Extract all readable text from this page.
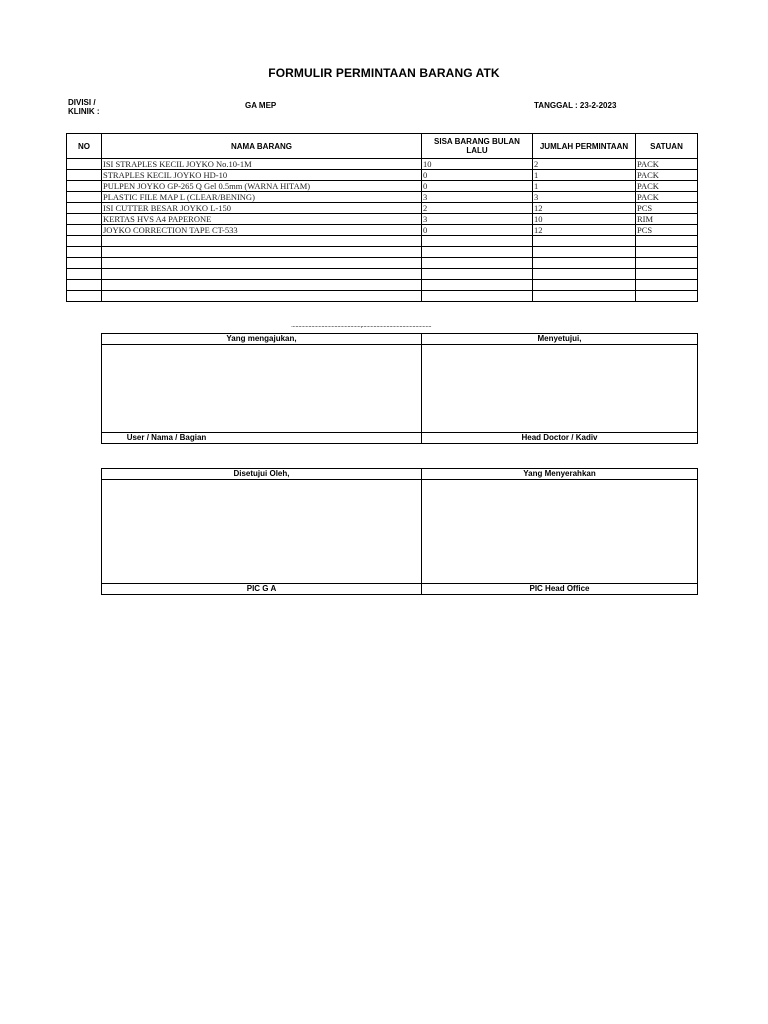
FORMULIR PERMINTAAN BARANG ATK
DIVISI / KLINIK :
GA MEP	TANGGAL : 23-2-2023
NO	NAMA BARANG	SISA BARANG BULAN LALU	JUMLAH PERMINTAAN	SATUAN
	ISI STRAPLES KECIL JOYKO No.10-1M	10	2	PACK
	STRAPLES KECIL JOYKO HD-10	0	1	PACK
	PULPEN JOYKO GP-265 Q Gel 0.5mm (WARNA HITAM)	0	1	PACK
	PLASTIC FILE MAP L (CLEAR/BENING)	3	3	PACK
	ISI CUTTER BESAR JOYKO L-150	2	12	PCS
	KERTAS HVS A4 PAPERONE	3	10	RIM
	JOYKO CORRECTION TAPE CT-533	0	12	PCS

................................................,................................................
Yang mengajukan,	Menyetujui,

User / Nama / Bagian	Head Doctor / Kadiv
Disetujui Oleh,	Yang Menyerahkan

PIC G A	PIC Head Office
